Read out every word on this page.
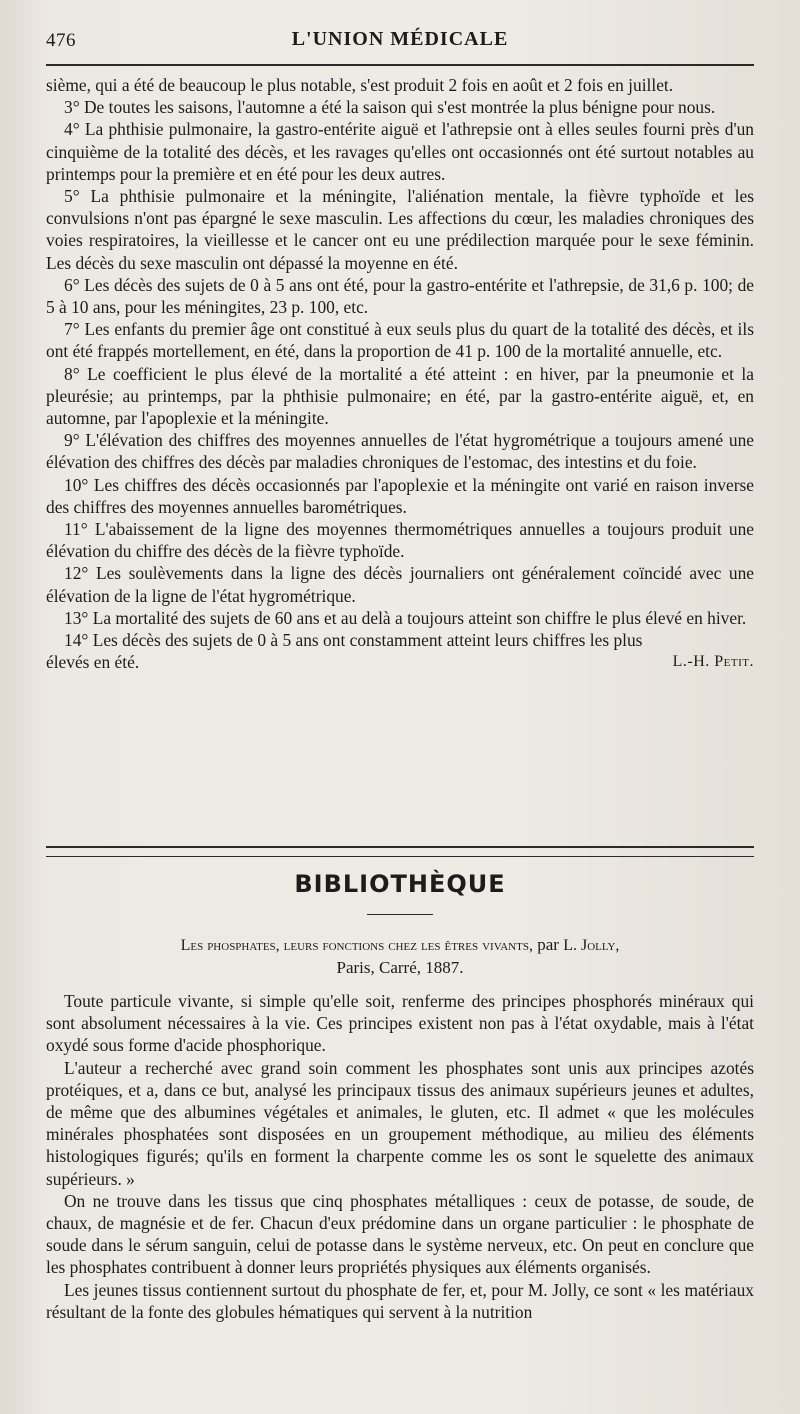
476	L'UNION MÉDICALE

sième, qui a été de beaucoup le plus notable, s'est produit 2 fois en août et 2 fois en juillet.

3° De toutes les saisons, l'automne a été la saison qui s'est montrée la plus bénigne pour nous.

4° La phthisie pulmonaire, la gastro-entérite aiguë et l'athrepsie ont à elles seules fourni près d'un cinquième de la totalité des décès, et les ravages qu'elles ont occasionnés ont été surtout notables au printemps pour la première et en été pour les deux autres.

5° La phthisie pulmonaire et la méningite, l'aliénation mentale, la fièvre typhoïde et les convulsions n'ont pas épargné le sexe masculin. Les affections du cœur, les maladies chroniques des voies respiratoires, la vieillesse et le cancer ont eu une prédilection marquée pour le sexe féminin. Les décès du sexe masculin ont dépassé la moyenne en été.

6° Les décès des sujets de 0 à 5 ans ont été, pour la gastro-entérite et l'athrepsie, de 31,6 p. 100; de 5 à 10 ans, pour les méningites, 23 p. 100, etc.

7° Les enfants du premier âge ont constitué à eux seuls plus du quart de la totalité des décès, et ils ont été frappés mortellement, en été, dans la proportion de 41 p. 100 de la mortalité annuelle, etc.

8° Le coefficient le plus élevé de la mortalité a été atteint : en hiver, par la pneumonie et la pleurésie; au printemps, par la phthisie pulmonaire; en été, par la gastro-entérite aiguë, et, en automne, par l'apoplexie et la méningite.

9° L'élévation des chiffres des moyennes annuelles de l'état hygrométrique a toujours amené une élévation des chiffres des décès par maladies chroniques de l'estomac, des intestins et du foie.

10° Les chiffres des décès occasionnés par l'apoplexie et la méningite ont varié en raison inverse des chiffres des moyennes annuelles barométriques.

11° L'abaissement de la ligne des moyennes thermométriques annuelles a toujours produit une élévation du chiffre des décès de la fièvre typhoïde.

12° Les soulèvements dans la ligne des décès journaliers ont généralement coïncidé avec une élévation de la ligne de l'état hygrométrique.

13° La mortalité des sujets de 60 ans et au delà a toujours atteint son chiffre le plus élevé en hiver.

14° Les décès des sujets de 0 à 5 ans ont constamment atteint leurs chiffres les plus

élevés en été.	L.-H. Petit.
BIBLIOTHÈQUE
Les phosphates, leurs fonctions chez les êtres vivants, par L. Jolly,
Paris, Carré, 1887.

Toute particule vivante, si simple qu'elle soit, renferme des principes phosphorés minéraux qui sont absolument nécessaires à la vie. Ces principes existent non pas à l'état oxydable, mais à l'état oxydé sous forme d'acide phosphorique.

L'auteur a recherché avec grand soin comment les phosphates sont unis aux principes azotés protéiques, et a, dans ce but, analysé les principaux tissus des animaux supérieurs jeunes et adultes, de même que des albumines végétales et animales, le gluten, etc. Il admet « que les molécules minérales phosphatées sont disposées en un groupement méthodique, au milieu des éléments histologiques figurés; qu'ils en forment la charpente comme les os sont le squelette des animaux supérieurs. »

On ne trouve dans les tissus que cinq phosphates métalliques : ceux de potasse, de soude, de chaux, de magnésie et de fer. Chacun d'eux prédomine dans un organe particulier : le phosphate de soude dans le sérum sanguin, celui de potasse dans le système nerveux, etc. On peut en conclure que les phosphates contribuent à donner leurs propriétés physiques aux éléments organisés.

Les jeunes tissus contiennent surtout du phosphate de fer, et, pour M. Jolly, ce sont « les matériaux résultant de la fonte des globules hématiques qui servent à la nutrition
